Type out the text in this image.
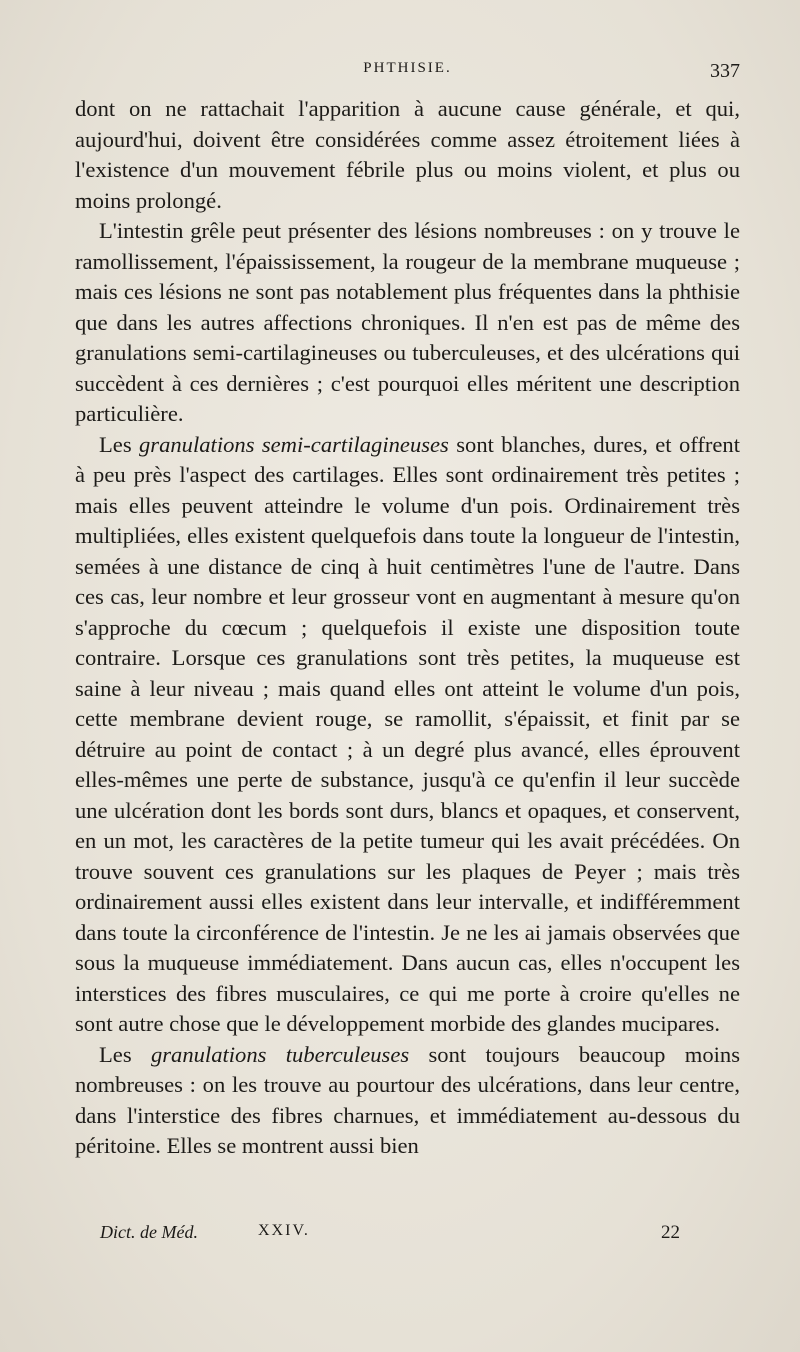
PHTHISIE.	337

dont on ne rattachait l'apparition à aucune cause générale, et qui, aujourd'hui, doivent être considérées comme assez étroitement liées à l'existence d'un mouvement fébrile plus ou moins violent, et plus ou moins prolongé.

L'intestin grêle peut présenter des lésions nombreuses : on y trouve le ramollissement, l'épaississement, la rougeur de la membrane muqueuse ; mais ces lésions ne sont pas notablement plus fréquentes dans la phthisie que dans les autres affections chroniques. Il n'en est pas de même des granulations semi-cartilagineuses ou tuberculeuses, et des ulcérations qui succèdent à ces dernières ; c'est pourquoi elles méritent une description particulière.

Les granulations semi-cartilagineuses sont blanches, dures, et offrent à peu près l'aspect des cartilages. Elles sont ordinairement très petites ; mais elles peuvent atteindre le volume d'un pois. Ordinairement très multipliées, elles existent quelquefois dans toute la longueur de l'intestin, semées à une distance de cinq à huit centimètres l'une de l'autre. Dans ces cas, leur nombre et leur grosseur vont en augmentant à mesure qu'on s'approche du cœcum ; quelquefois il existe une disposition toute contraire. Lorsque ces granulations sont très petites, la muqueuse est saine à leur niveau ; mais quand elles ont atteint le volume d'un pois, cette membrane devient rouge, se ramollit, s'épaissit, et finit par se détruire au point de contact ; à un degré plus avancé, elles éprouvent elles-mêmes une perte de substance, jusqu'à ce qu'enfin il leur succède une ulcération dont les bords sont durs, blancs et opaques, et conservent, en un mot, les caractères de la petite tumeur qui les avait précédées. On trouve souvent ces granulations sur les plaques de Peyer ; mais très ordinairement aussi elles existent dans leur intervalle, et indifféremment dans toute la circonférence de l'intestin. Je ne les ai jamais observées que sous la muqueuse immédiatement. Dans aucun cas, elles n'occupent les interstices des fibres musculaires, ce qui me porte à croire qu'elles ne sont autre chose que le développement morbide des glandes mucipares.

Les granulations tuberculeuses sont toujours beaucoup moins nombreuses : on les trouve au pourtour des ulcérations, dans leur centre, dans l'interstice des fibres charnues, et immédiatement au-dessous du péritoine. Elles se montrent aussi bien

Dict. de Méd.	XXIV.	22
